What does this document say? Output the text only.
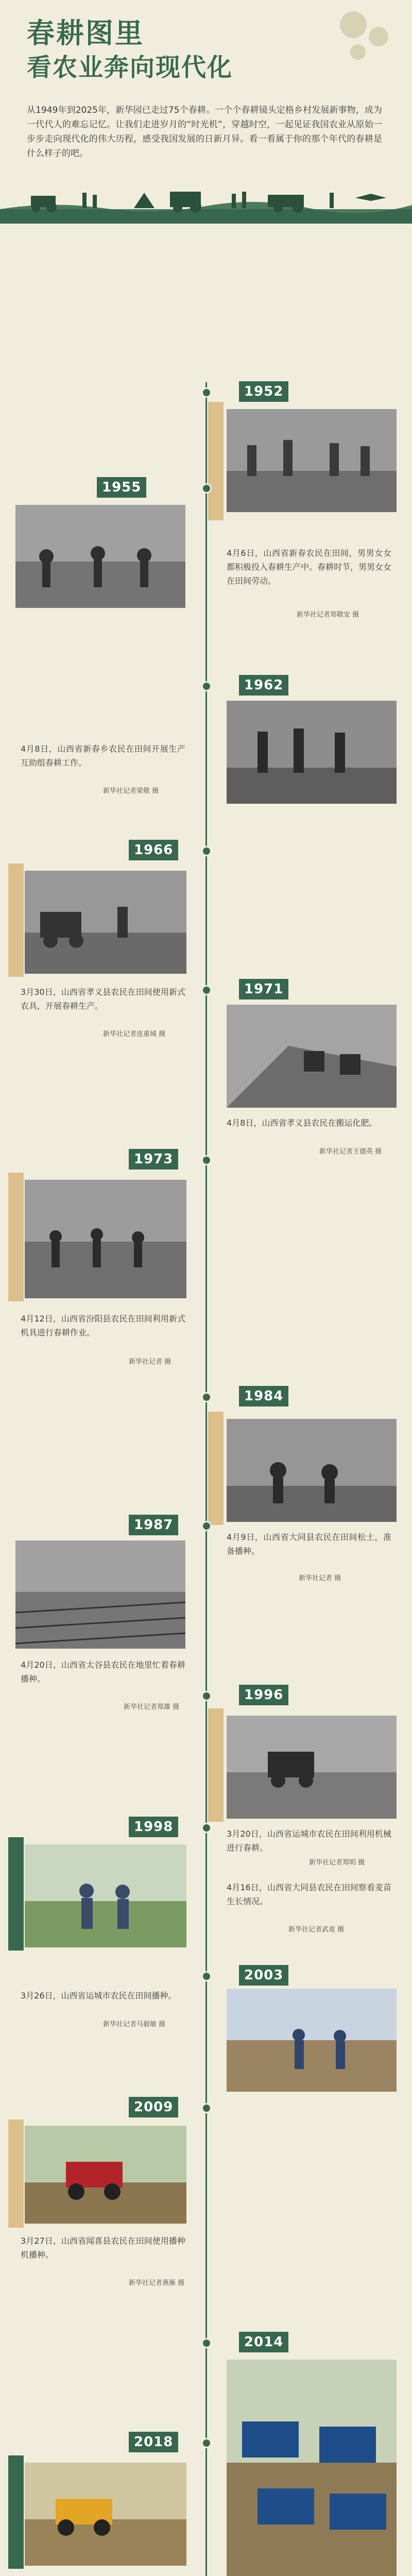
春耕图里
看农业奔向现代化
从1949年到2025年，新华园已走过75个春耕。一个个春耕镜头定格乡村发展新事物，成为一代代人的难忘记忆。让我们走进岁月的“时光机”，穿越时空，一起见证我国农业从原始一步步走向现代化的伟大历程，感受我国发展的日新月异。看一看属于你的那个年代的春耕是什么样子的吧。
1952
1955
4月6日，山西省新春农民在田间，男男女女都积极投入春耕生产中。春耕时节，男男女女在田间劳动。
新华社记者郑敬安 摄
1962
4月8日，山西省新春乡农民在田间开展生产互助组春耕工作。
新华社记者梁敬 摄
1966
3月30日，山西省孝义县农民在田间使用新式农具，开展春耕生产。
新华社记者连重城 摄
1971
4月8日，山西省孝义县农民在搬运化肥。
新华社记者王德英 摄
1973
4月12日，山西省汾阳县农民在田间利用新式机具进行春耕作业。
新华社记者 摄
1984
4月9日，山西省大同县农民在田间松土，准备播种。
新华社记者 摄
1987
4月20日，山西省太谷县农民在地里忙着春耕播种。
新华社记者郑雄 摄
1996
3月20日，山西省运城市农民在田间利用机械进行春耕。
新华社记者郑明 摄
1998
4月16日，山西省大同县农民在田间察看麦苗生长情况。
新华社记者武竟 摄
2003
3月26日，山西省运城市农民在田间播种。
新华社记者马毅敏 摄
2009
3月27日，山西省闻喜县农民在田间使用播种机播种。
新华社记者燕雁 摄
2014
2018
